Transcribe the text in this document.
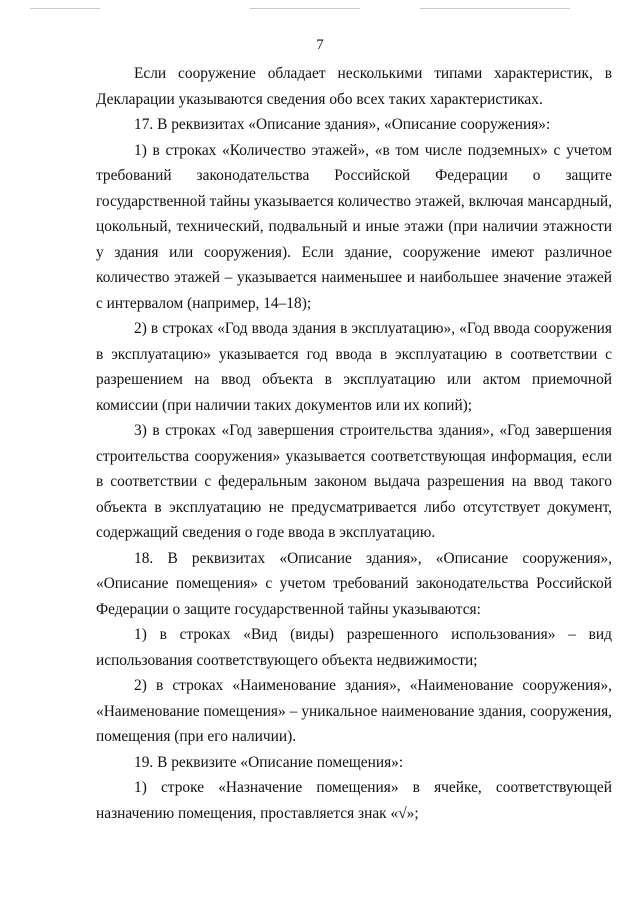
7

Если сооружение обладает несколькими типами характеристик, в Декларации указываются сведения обо всех таких характеристиках.

17. В реквизитах «Описание здания», «Описание сооружения»:

1) в строках «Количество этажей», «в том числе подземных» с учетом требований законодательства Российской Федерации о защите государственной тайны указывается количество этажей, включая мансардный, цокольный, технический, подвальный и иные этажи (при наличии этажности у здания или сооружения). Если здание, сооружение имеют различное количество этажей – указывается наименьшее и наибольшее значение этажей с интервалом (например, 14–18);

2) в строках «Год ввода здания в эксплуатацию», «Год ввода сооружения в эксплуатацию» указывается год ввода в эксплуатацию в соответствии с разрешением на ввод объекта в эксплуатацию или актом приемочной комиссии (при наличии таких документов или их копий);

3) в строках «Год завершения строительства здания», «Год завершения строительства сооружения» указывается соответствующая информация, если в соответствии с федеральным законом выдача разрешения на ввод такого объекта в эксплуатацию не предусматривается либо отсутствует документ, содержащий сведения о годе ввода в эксплуатацию.

18. В реквизитах «Описание здания», «Описание сооружения», «Описание помещения» с учетом требований законодательства Российской Федерации о защите государственной тайны указываются:

1) в строках «Вид (виды) разрешенного использования» – вид использования соответствующего объекта недвижимости;

2) в строках «Наименование здания», «Наименование сооружения», «Наименование помещения» – уникальное наименование здания, сооружения, помещения (при его наличии).

19. В реквизите «Описание помещения»:

1) строке «Назначение помещения» в ячейке, соответствующей назначению помещения, проставляется знак «√»;
